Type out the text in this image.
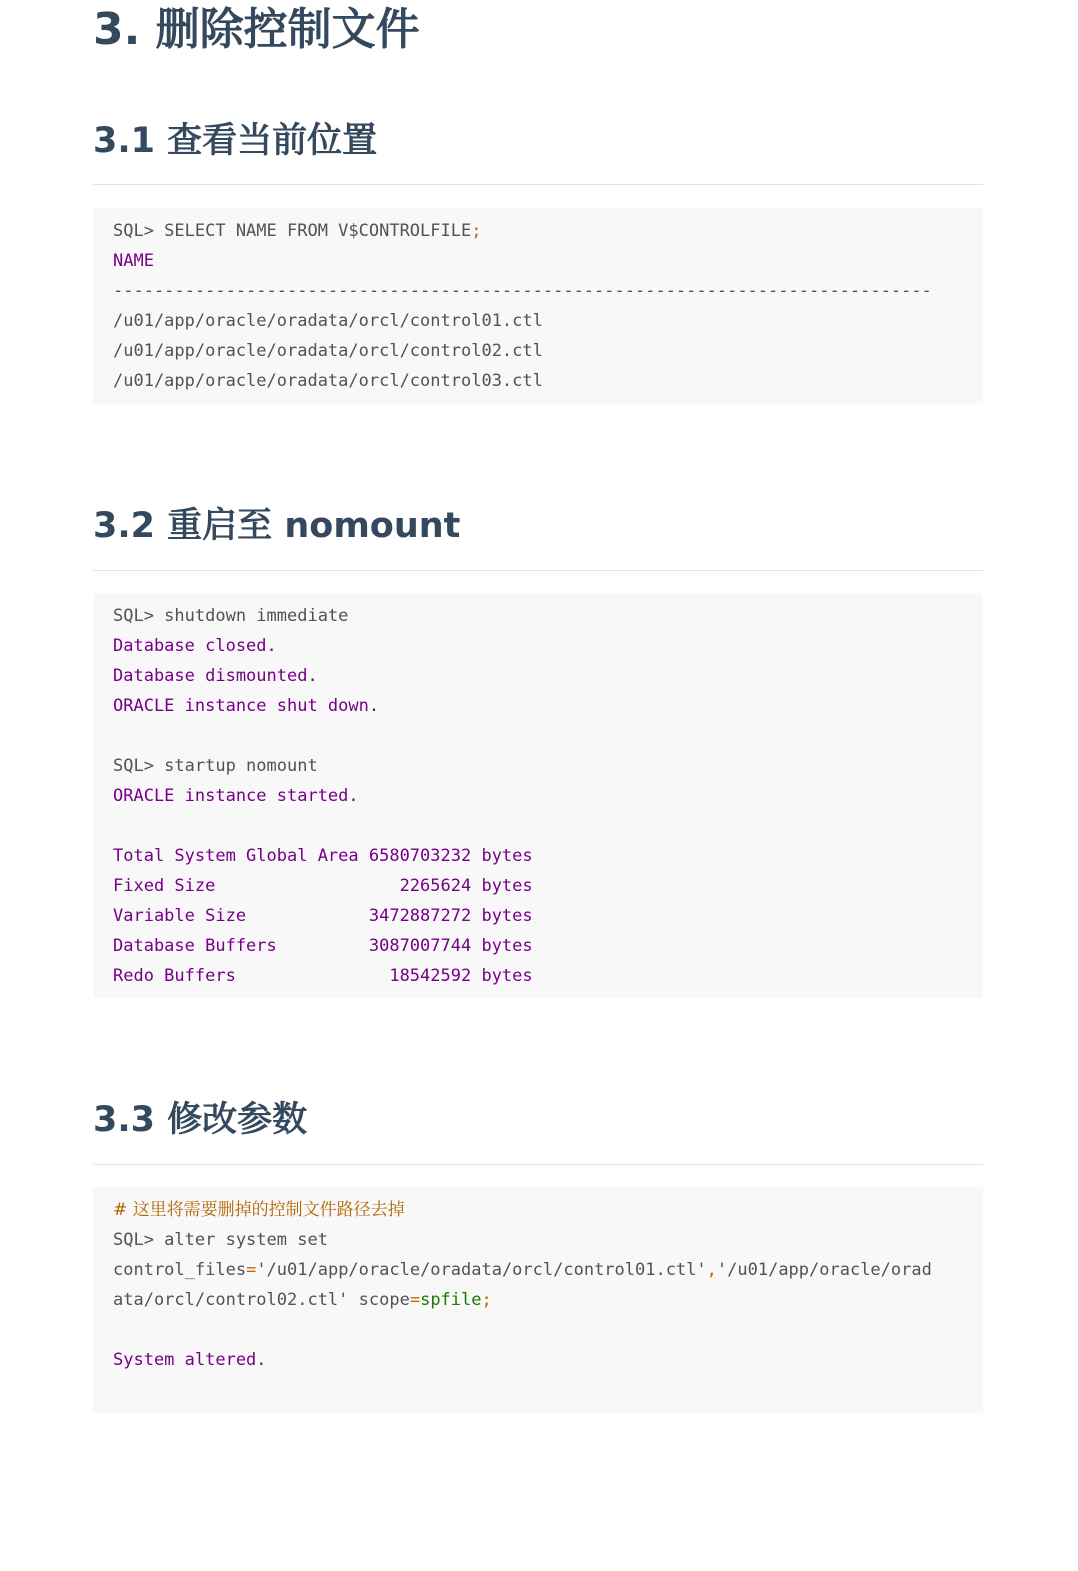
3. 删除控制文件
3.1 查看当前位置
SQL> SELECT NAME FROM V$CONTROLFILE;
NAME
--------------------------------------------------------------------------------
/u01/app/oracle/oradata/orcl/control01.ctl
/u01/app/oracle/oradata/orcl/control02.ctl
/u01/app/oracle/oradata/orcl/control03.ctl
3.2 重启至 nomount
SQL> shutdown immediate
Database closed.
Database dismounted.
ORACLE instance shut down.
SQL> startup nomount
ORACLE instance started.
Total System Global Area 6580703232 bytes
Fixed Size                  2265624 bytes
Variable Size            3472887272 bytes
Database Buffers         3087007744 bytes
Redo Buffers               18542592 bytes
3.3 修改参数
# 这里将需要删掉的控制文件路径去掉
SQL> alter system set
control_files='/u01/app/oracle/oradata/orcl/control01.ctl','/u01/app/oracle/orad
ata/orcl/control02.ctl' scope=spfile;
System altered.
